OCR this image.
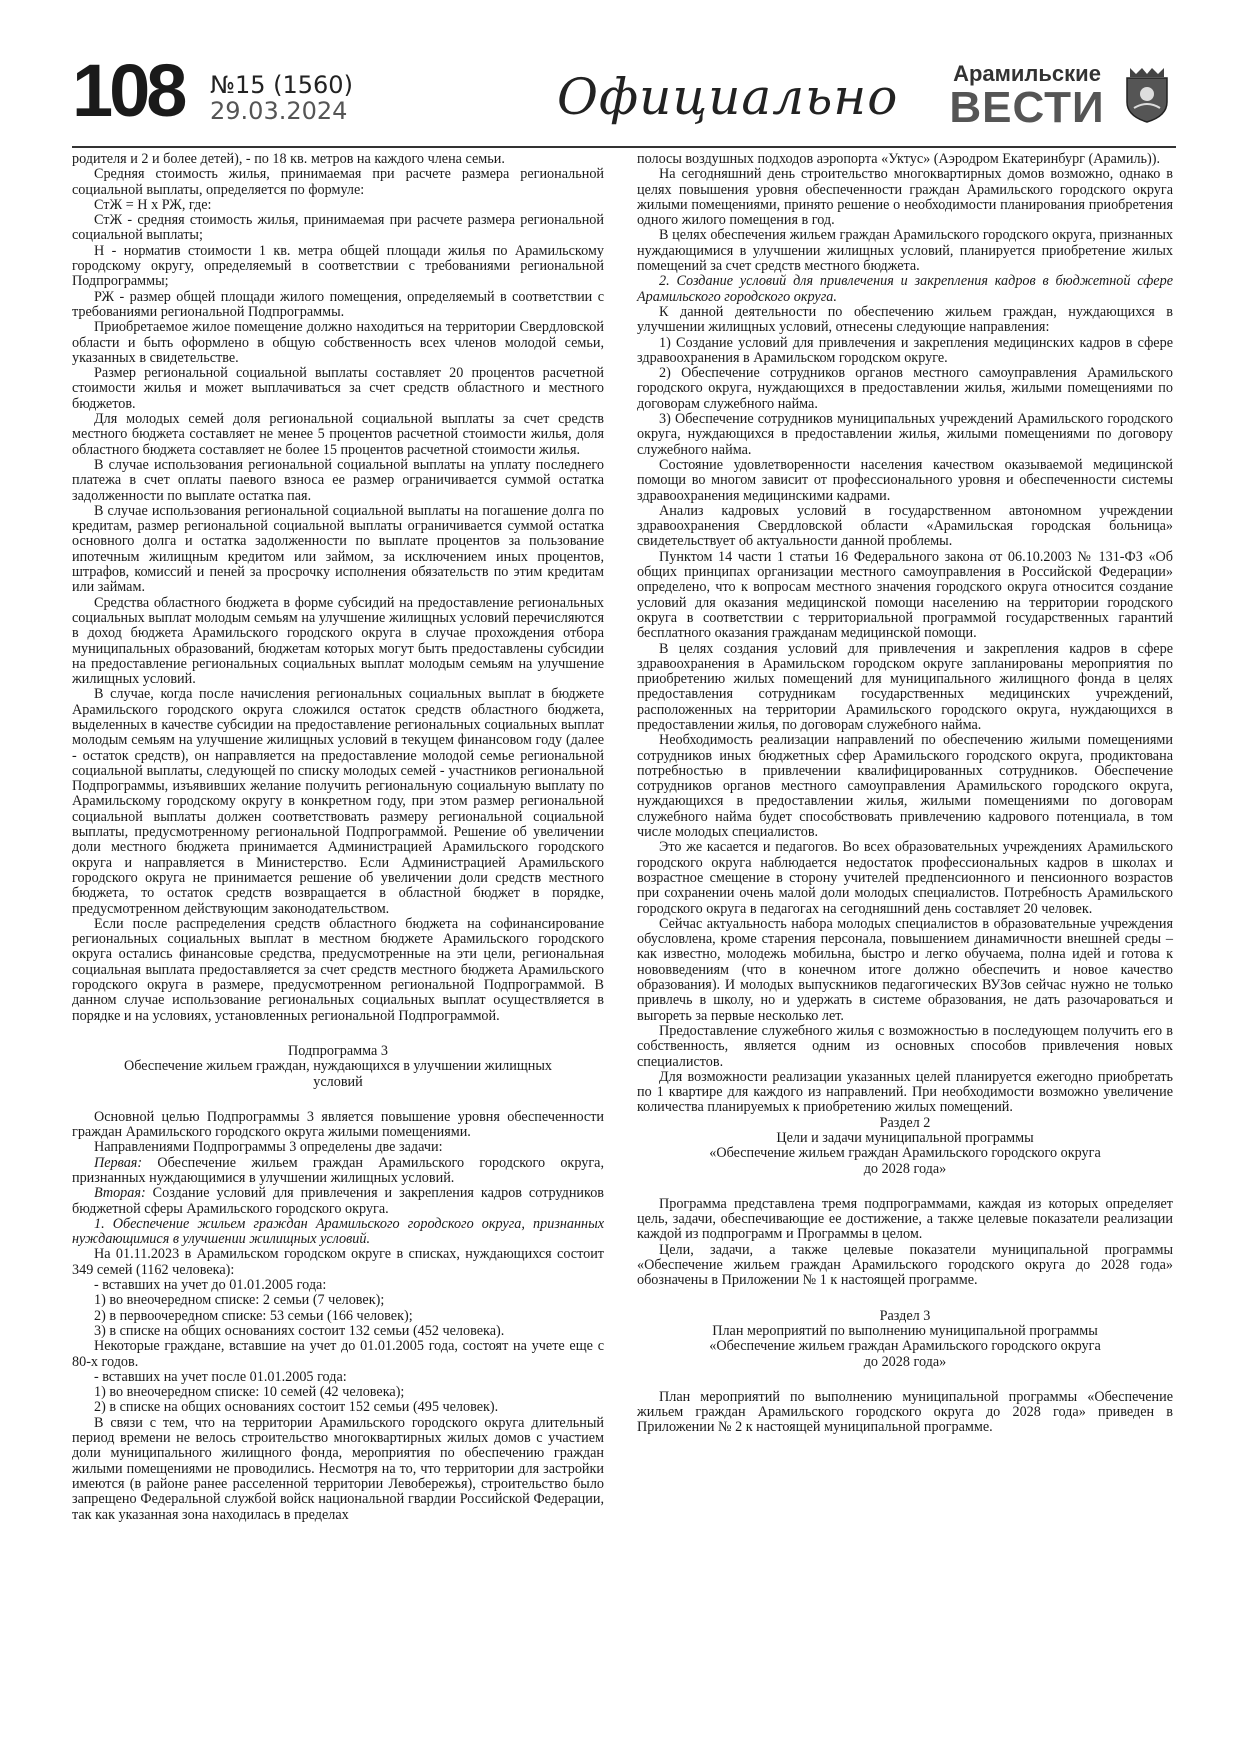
108 №15 (1560)
29.03.2024	Официально	Арамильские
ВЕСТИ

родителя и 2 и более детей), - по 18 кв. метров на каждого члена семьи.

Средняя стоимость жилья, принимаемая при расчете размера региональной социальной выплаты, определяется по формуле:

СтЖ = Н х РЖ, где:

СтЖ - средняя стоимость жилья, принимаемая при расчете размера региональной социальной выплаты;

Н - норматив стоимости 1 кв. метра общей площади жилья по Арамильскому городскому округу, определяемый в соответствии с требованиями региональной Подпрограммы;

РЖ - размер общей площади жилого помещения, определяемый в соответствии с требованиями региональной Подпрограммы.

Приобретаемое жилое помещение должно находиться на территории Свердловской области и быть оформлено в общую собственность всех членов молодой семьи, указанных в свидетельстве.

Размер региональной социальной выплаты составляет 20 процентов расчетной стоимости жилья и может выплачиваться за счет средств областного и местного бюджетов.

Для молодых семей доля региональной социальной выплаты за счет средств местного бюджета составляет не менее 5 процентов расчетной стоимости жилья, доля областного бюджета составляет не более 15 процентов расчетной стоимости жилья.

В случае использования региональной социальной выплаты на уплату последнего платежа в счет оплаты паевого взноса ее размер ограничивается суммой остатка задолженности по выплате остатка пая.

В случае использования региональной социальной выплаты на погашение долга по кредитам, размер региональной социальной выплаты ограничивается суммой остатка основного долга и остатка задолженности по выплате процентов за пользование ипотечным жилищным кредитом или займом, за исключением иных процентов, штрафов, комиссий и пеней за просрочку исполнения обязательств по этим кредитам или займам.

Средства областного бюджета в форме субсидий на предоставление региональных социальных выплат молодым семьям на улучшение жилищных условий перечисляются в доход бюджета Арамильского городского округа в случае прохождения отбора муниципальных образований, бюджетам которых могут быть предоставлены субсидии на предоставление региональных социальных выплат молодым семьям на улучшение жилищных условий.

В случае, когда после начисления региональных социальных выплат в бюджете Арамильского городского округа сложился остаток средств областного бюджета, выделенных в качестве субсидии на предоставление региональных социальных выплат молодым семьям на улучшение жилищных условий в текущем финансовом году (далее - остаток средств), он направляется на предоставление молодой семье региональной социальной выплаты, следующей по списку молодых семей - участников региональной Подпрограммы, изъявивших желание получить региональную социальную выплату по Арамильскому городскому округу в конкретном году, при этом размер региональной социальной выплаты должен соответствовать размеру региональной социальной выплаты, предусмотренному региональной Подпрограммой. Решение об увеличении доли местного бюджета принимается Администрацией Арамильского городского округа и направляется в Министерство. Если Администрацией Арамильского городского округа не принимается решение об увеличении доли средств местного бюджета, то остаток средств возвращается в областной бюджет в порядке, предусмотренном действующим законодательством.

Если после распределения средств областного бюджета на софинансирование региональных социальных выплат в местном бюджете Арамильского городского округа остались финансовые средства, предусмотренные на эти цели, региональная социальная выплата предоставляется за счет средств местного бюджета Арамильского городского округа в размере, предусмотренном региональной Подпрограммой. В данном случае использование региональных социальных выплат осуществляется в порядке и на условиях, установленных региональной Подпрограммой.

Подпрограмма 3

Обеспечение жильем граждан, нуждающихся в улучшении жилищных условий

Основной целью Подпрограммы 3 является повышение уровня обеспеченности граждан Арамильского городского округа жилыми помещениями.

Направлениями Подпрограммы 3 определены две задачи:

Первая: Обеспечение жильем граждан Арамильского городского округа, признанных нуждающимися в улучшении жилищных условий.

Вторая: Создание условий для привлечения и закрепления кадров сотрудников бюджетной сферы Арамильского городского округа.

1. Обеспечение жильем граждан Арамильского городского округа, признанных нуждающимися в улучшении жилищных условий.

На 01.11.2023 в Арамильском городском округе в списках, нуждающихся состоит 349 семей (1162 человека):

- вставших на учет до 01.01.2005 года:

1) во внеочередном списке: 2 семьи (7 человек);

2) в первоочередном списке: 53 семьи (166 человек);

3) в списке на общих основаниях состоит 132 семьи (452 человека).

Некоторые граждане, вставшие на учет до 01.01.2005 года, состоят на учете еще с 80-х годов.

- вставших на учет после 01.01.2005 года:

1) во внеочередном списке: 10 семей (42 человека);

2) в списке на общих основаниях состоит 152 семьи (495 человек).

В связи с тем, что на территории Арамильского городского округа длительный период времени не велось строительство многоквартирных жилых домов с участием доли муниципального жилищного фонда, мероприятия по обеспечению граждан жилыми помещениями не проводились. Несмотря на то, что территории для застройки имеются (в районе ранее расселенной территории Левобережья), строительство было запрещено Федеральной службой войск национальной гвардии Российской Федерации, так как указанная зона находилась в пределах

полосы воздушных подходов аэропорта «Уктус» (Аэродром Екатеринбург (Арамиль)).

На сегодняшний день строительство многоквартирных домов возможно, однако в целях повышения уровня обеспеченности граждан Арамильского городского округа жилыми помещениями, принято решение о необходимости планирования приобретения одного жилого помещения в год.

В целях обеспечения жильем граждан Арамильского городского округа, признанных нуждающимися в улучшении жилищных условий, планируется приобретение жилых помещений за счет средств местного бюджета.

2. Создание условий для привлечения и закрепления кадров в бюджетной сфере Арамильского городского округа.

К данной деятельности по обеспечению жильем граждан, нуждающихся в улучшении жилищных условий, отнесены следующие направления:

1) Создание условий для привлечения и закрепления медицинских кадров в сфере здравоохранения в Арамильском городском округе.

2) Обеспечение сотрудников органов местного самоуправления Арамильского городского округа, нуждающихся в предоставлении жилья, жилыми помещениями по договорам служебного найма.

3) Обеспечение сотрудников муниципальных учреждений Арамильского городского округа, нуждающихся в предоставлении жилья, жилыми помещениями по договору служебного найма.

Состояние удовлетворенности населения качеством оказываемой медицинской помощи во многом зависит от профессионального уровня и обеспеченности системы здравоохранения медицинскими кадрами.

Анализ кадровых условий в государственном автономном учреждении здравоохранения Свердловской области «Арамильская городская больница» свидетельствует об актуальности данной проблемы.

Пунктом 14 части 1 статьи 16 Федерального закона от 06.10.2003 № 131-ФЗ «Об общих принципах организации местного самоуправления в Российской Федерации» определено, что к вопросам местного значения городского округа относится создание условий для оказания медицинской помощи населению на территории городского округа в соответствии с территориальной программой государственных гарантий бесплатного оказания гражданам медицинской помощи.

В целях создания условий для привлечения и закрепления кадров в сфере здравоохранения в Арамильском городском округе запланированы мероприятия по приобретению жилых помещений для муниципального жилищного фонда в целях предоставления сотрудникам государственных медицинских учреждений, расположенных на территории Арамильского городского округа, нуждающихся в предоставлении жилья, по договорам служебного найма.

Необходимость реализации направлений по обеспечению жилыми помещениями сотрудников иных бюджетных сфер Арамильского городского округа, продиктована потребностью в привлечении квалифицированных сотрудников. Обеспечение сотрудников органов местного самоуправления Арамильского городского округа, нуждающихся в предоставлении жилья, жилыми помещениями по договорам служебного найма будет способствовать привлечению кадрового потенциала, в том числе молодых специалистов.

Это же касается и педагогов. Во всех образовательных учреждениях Арамильского городского округа наблюдается недостаток профессиональных кадров в школах и возрастное смещение в сторону учителей предпенсионного и пенсионного возрастов при сохранении очень малой доли молодых специалистов. Потребность Арамильского городского округа в педагогах на сегодняшний день составляет 20 человек.

Сейчас актуальность набора молодых специалистов в образовательные учреждения обусловлена, кроме старения персонала, повышением динамичности внешней среды – как известно, молодежь мобильна, быстро и легко обучаема, полна идей и готова к нововведениям (что в конечном итоге должно обеспечить и новое качество образования). И молодых выпускников педагогических ВУЗов сейчас нужно не только привлечь в школу, но и удержать в системе образования, не дать разочароваться и выгореть за первые несколько лет.

Предоставление служебного жилья с возможностью в последующем получить его в собственность, является одним из основных способов привлечения новых специалистов.

Для возможности реализации указанных целей планируется ежегодно приобретать по 1 квартире для каждого из направлений. При необходимости возможно увеличение количества планируемых к приобретению жилых помещений.

Раздел 2

Цели и задачи муниципальной программы

«Обеспечение жильем граждан Арамильского городского округа

до 2028 года»

Программа представлена тремя подпрограммами, каждая из которых определяет цель, задачи, обеспечивающие ее достижение, а также целевые показатели реализации каждой из подпрограмм и Программы в целом.

Цели, задачи, а также целевые показатели муниципальной программы «Обеспечение жильем граждан Арамильского городского округа до 2028 года» обозначены в Приложении № 1 к настоящей программе.

Раздел 3

План мероприятий по выполнению муниципальной программы

«Обеспечение жильем граждан Арамильского городского округа

до 2028 года»

План мероприятий по выполнению муниципальной программы «Обеспечение жильем граждан Арамильского городского округа до 2028 года» приведен в Приложении № 2 к настоящей муниципальной программе.
